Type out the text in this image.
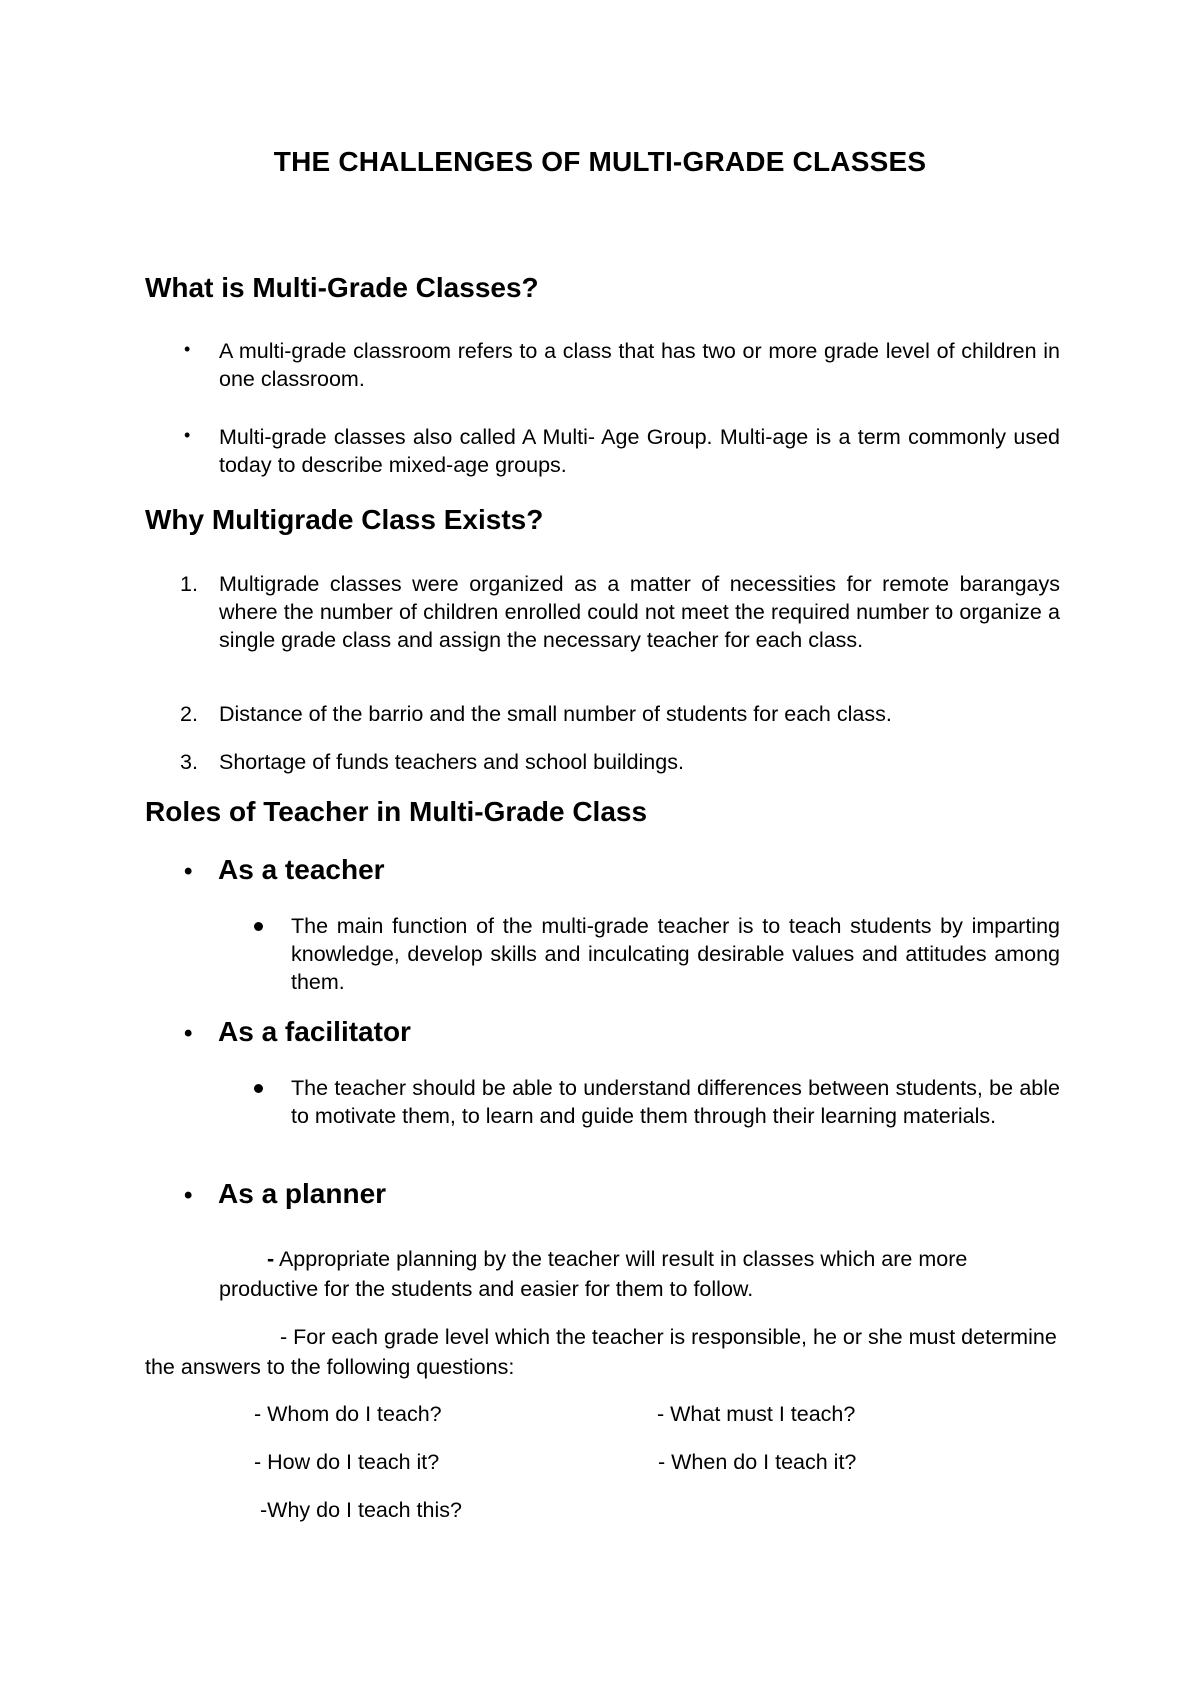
THE CHALLENGES OF MULTI-GRADE CLASSES
What is Multi-Grade Classes?
• A multi-grade classroom refers to a class that has two or more grade level of children in one classroom.

• Multi-grade classes also called A Multi- Age Group. Multi-age is a term commonly used today to describe mixed-age groups.

Why Multigrade Class Exists?
1. Multigrade classes were organized as a matter of necessities for remote barangays where the number of children enrolled could not meet the required number to organize a single grade class and assign the necessary teacher for each class.

2. Distance of the barrio and the small number of students for each class.

3. Shortage of funds teachers and school buildings.

Roles of Teacher in Multi-Grade Class
• As a teacher

The main function of the multi-grade teacher is to teach students by imparting knowledge, develop skills and inculcating desirable values and attitudes among them.

• As a facilitator

The teacher should be able to understand differences between students, be able to motivate them, to learn and guide them through their learning materials.

• As a planner

- Appropriate planning by the teacher will result in classes which are more productive for the students and easier for them to follow.

- For each grade level which the teacher is responsible, he or she must determine the answers to the following questions:

- Whom do I teach?	- What must I teach?

- How do I teach it?	- When do I teach it?

-Why do I teach this?
